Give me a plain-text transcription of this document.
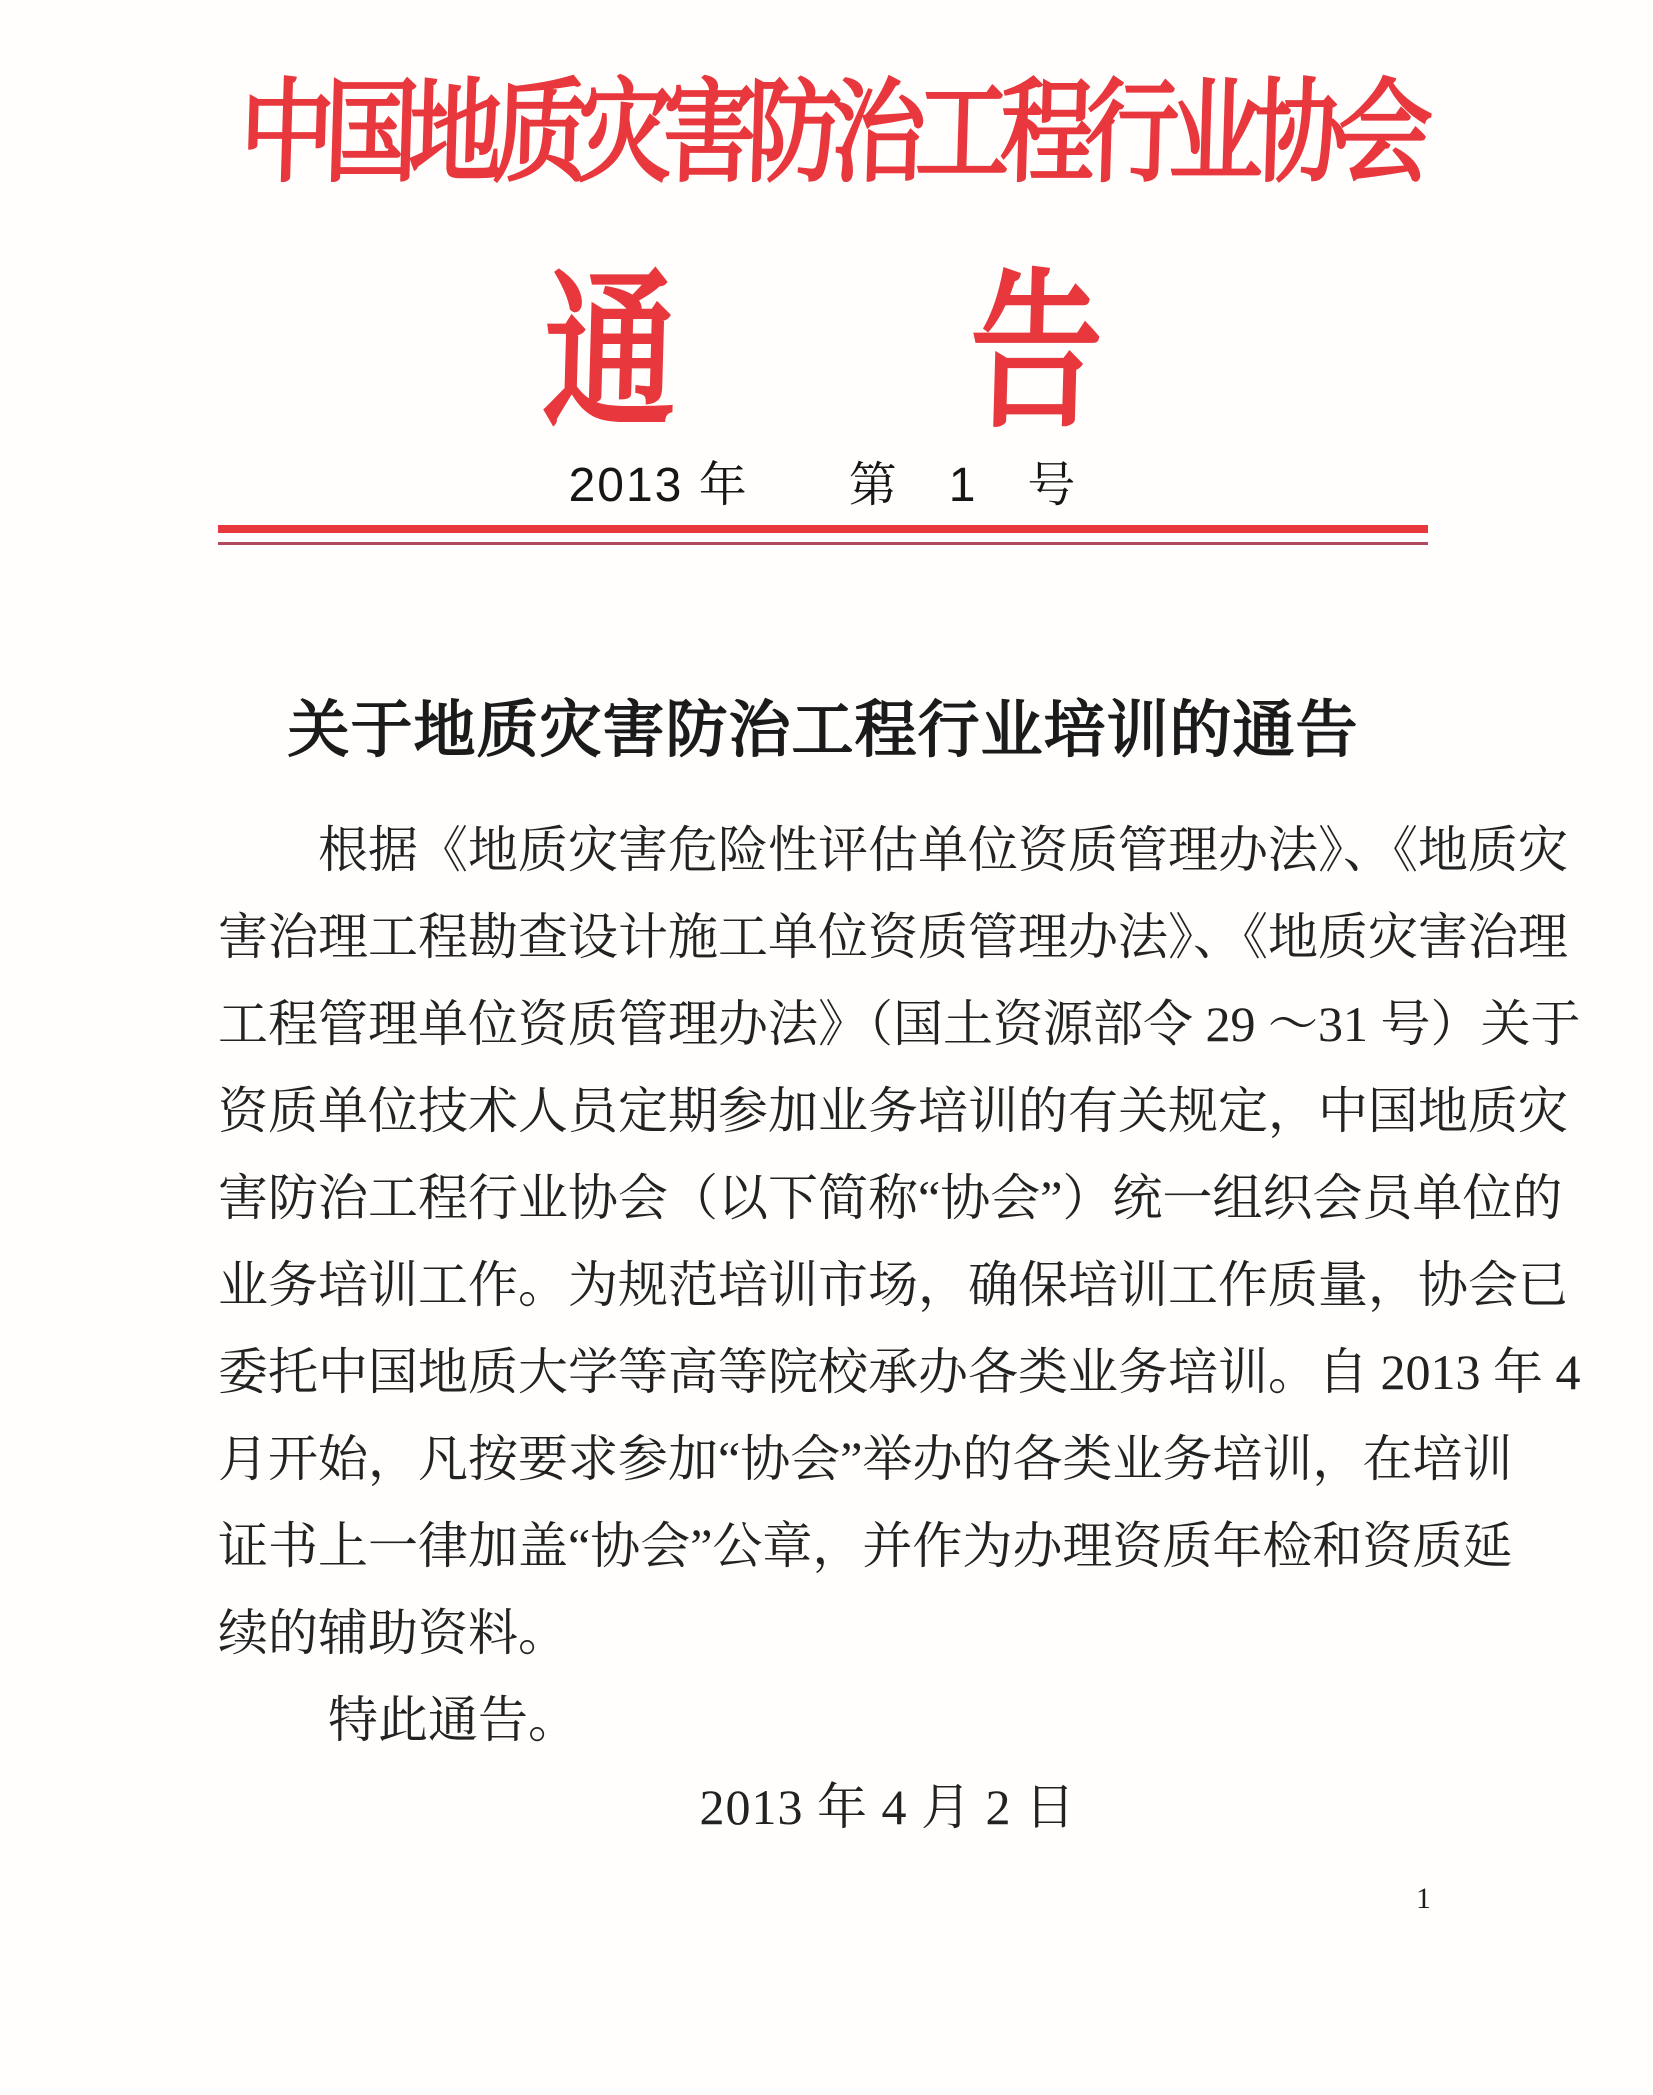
中国地质灾害防治工程行业协会
通 告
2013 年　　第　1　号
关于地质灾害防治工程行业培训的通告
根据《地质灾害危险性评估单位资质管理办法》、《地质灾
害治理工程勘查设计施工单位资质管理办法》、《地质灾害治理
工程管理单位资质管理办法》（国土资源部令 29 ～31 号）关于
资质单位技术人员定期参加业务培训的有关规定，中国地质灾
害防治工程行业协会（以下简称“协会”）统一组织会员单位的
业务培训工作。为规范培训市场，确保培训工作质量，协会已
委托中国地质大学等高等院校承办各类业务培训。自 2013 年 4
月开始，凡按要求参加“协会”举办的各类业务培训，在培训
证书上一律加盖“协会”公章，并作为办理资质年检和资质延
续的辅助资料。
特此通告。
2013 年 4 月 2 日
1
